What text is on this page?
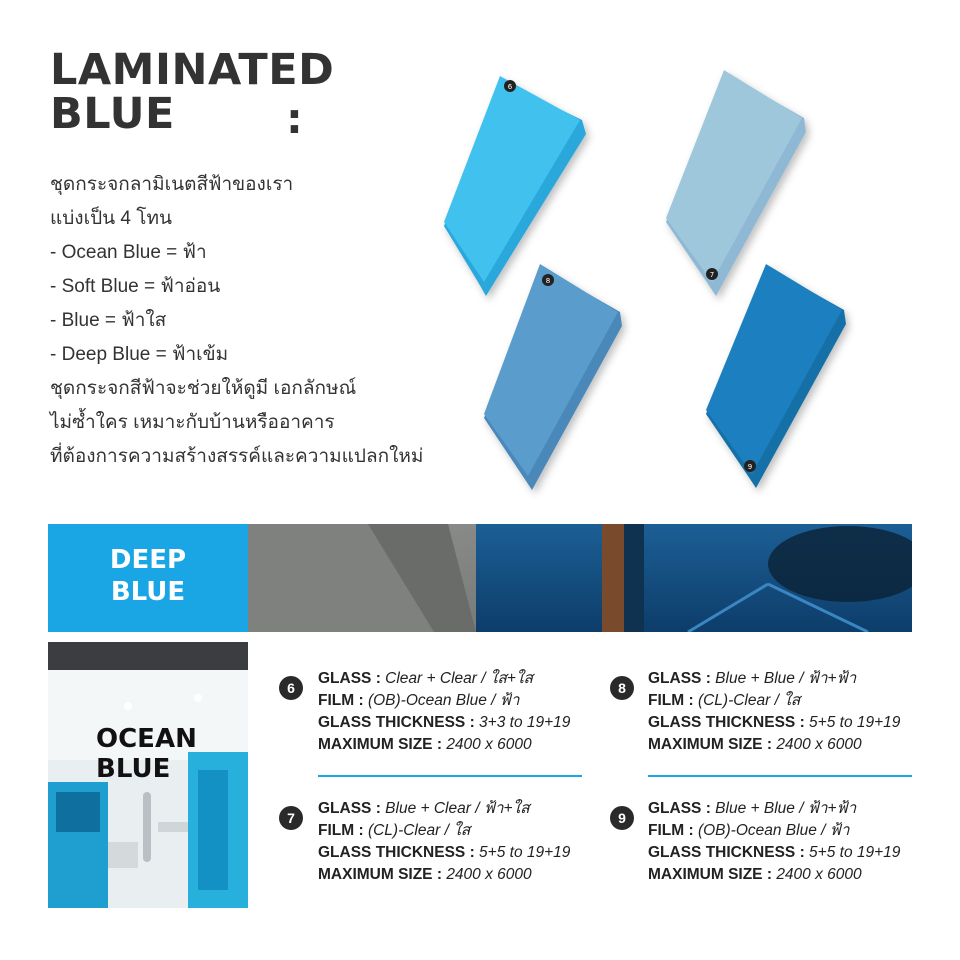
LAMINATED
BLUE	:
ชุดกระจกลามิเนตสีฟ้าของเรา
แบ่งเป็น 4 โทน
- Ocean Blue = ฟ้า
- Soft Blue = ฟ้าอ่อน
- Blue = ฟ้าใส
- Deep Blue = ฟ้าเข้ม
ชุดกระจกสีฟ้าจะช่วยให้ดูมี เอกลักษณ์
ไม่ซ้ำใคร เหมาะกับบ้านหรืออาคาร
ที่ต้องการความสร้างสรรค์และความแปลกใหม่
6
7
8
9
DEEP
BLUE
OCEAN
BLUE
6
GLASS : Clear + Clear / ใส+ใส
FILM : (OB)-Ocean Blue / ฟ้า
GLASS THICKNESS : 3+3 to 19+19
MAXIMUM SIZE : 2400 x 6000
7
GLASS : Blue + Clear / ฟ้า+ใส
FILM : (CL)-Clear / ใส
GLASS THICKNESS : 5+5 to 19+19
MAXIMUM SIZE : 2400 x 6000
8
GLASS : Blue + Blue / ฟ้า+ฟ้า
FILM : (CL)-Clear / ใส
GLASS THICKNESS : 5+5 to 19+19
MAXIMUM SIZE : 2400 x 6000
9
GLASS : Blue + Blue / ฟ้า+ฟ้า
FILM : (OB)-Ocean Blue / ฟ้า
GLASS THICKNESS : 5+5 to 19+19
MAXIMUM SIZE : 2400 x 6000
